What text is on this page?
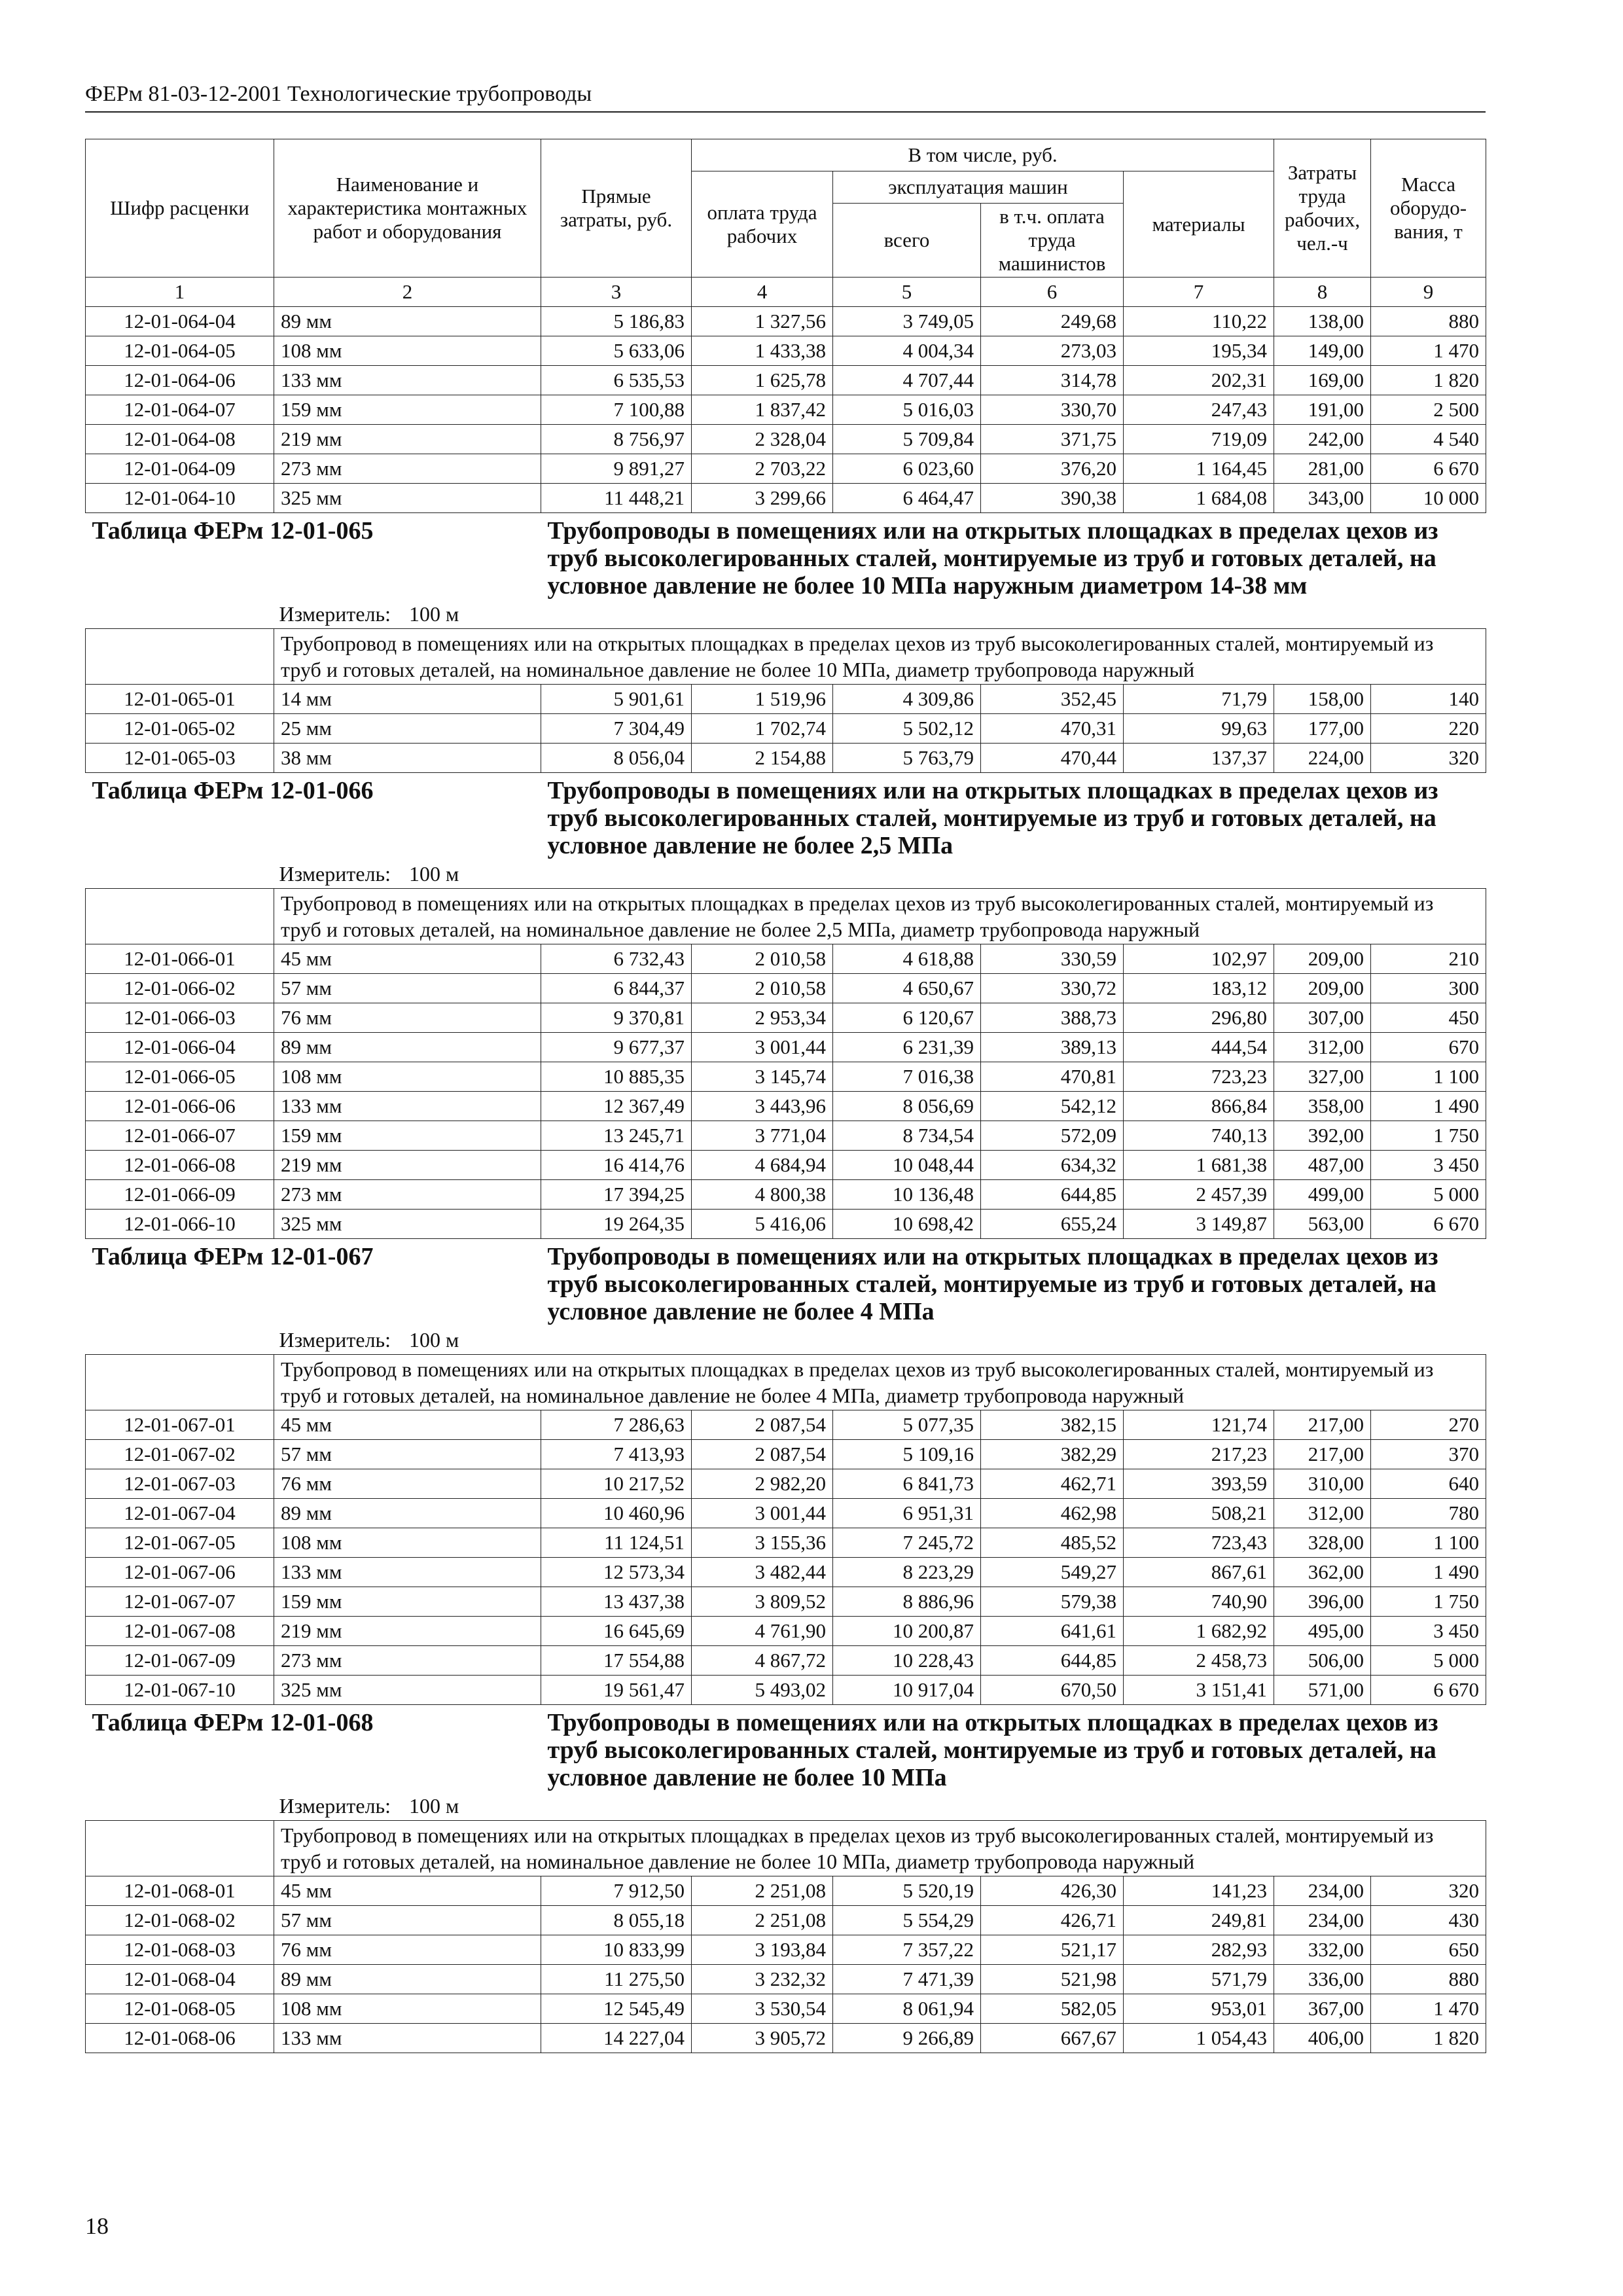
ФЕРм 81-03-12-2001 Технологические трубопроводы
Шифр расценки	Наименование и характеристика монтажных работ и оборудования	Прямые затраты, руб.	В том числе, руб.				Затраты труда рабочих, чел.-ч	Масса оборудо-вания, т
			оплата труда рабочих	эксплуатация машин		материалы		
				всего	в т.ч. оплата труда машинистов			
1	2	3	4	5	6	7	8	9
12-01-064-04	89 мм	5 186,83	1 327,56	3 749,05	249,68	110,22	138,00	880
12-01-064-05	108 мм	5 633,06	1 433,38	4 004,34	273,03	195,34	149,00	1 470
12-01-064-06	133 мм	6 535,53	1 625,78	4 707,44	314,78	202,31	169,00	1 820
12-01-064-07	159 мм	7 100,88	1 837,42	5 016,03	330,70	247,43	191,00	2 500
12-01-064-08	219 мм	8 756,97	2 328,04	5 709,84	371,75	719,09	242,00	4 540
12-01-064-09	273 мм	9 891,27	2 703,22	6 023,60	376,20	1 164,45	281,00	6 670
12-01-064-10	325 мм	11 448,21	3 299,66	6 464,47	390,38	1 684,08	343,00	10 000
Таблица ФЕРм 12-01-065		Трубопроводы в помещениях или на открытых площадках в пределах цехов из труб высоколегированных сталей, монтируемые из труб и готовых деталей, на условное давление не более 10 МПа наружным диаметром 14-38 мм						
	Измеритель: 100 м							
	Трубопровод в помещениях или на открытых площадках в пределах цехов из труб высоколегированных сталей, монтируемый из труб и готовых деталей, на номинальное давление не более 10 МПа, диаметр трубопровода наружный							
12-01-065-01	14 мм	5 901,61	1 519,96	4 309,86	352,45	71,79	158,00	140
12-01-065-02	25 мм	7 304,49	1 702,74	5 502,12	470,31	99,63	177,00	220
12-01-065-03	38 мм	8 056,04	2 154,88	5 763,79	470,44	137,37	224,00	320
Таблица ФЕРм 12-01-066		Трубопроводы в помещениях или на открытых площадках в пределах цехов из труб высоколегированных сталей, монтируемые из труб и готовых деталей, на условное давление не более 2,5 МПа						
	Измеритель: 100 м							
	Трубопровод в помещениях или на открытых площадках в пределах цехов из труб высоколегированных сталей, монтируемый из труб и готовых деталей, на номинальное давление не более 2,5 МПа, диаметр трубопровода наружный							
12-01-066-01	45 мм	6 732,43	2 010,58	4 618,88	330,59	102,97	209,00	210
12-01-066-02	57 мм	6 844,37	2 010,58	4 650,67	330,72	183,12	209,00	300
12-01-066-03	76 мм	9 370,81	2 953,34	6 120,67	388,73	296,80	307,00	450
12-01-066-04	89 мм	9 677,37	3 001,44	6 231,39	389,13	444,54	312,00	670
12-01-066-05	108 мм	10 885,35	3 145,74	7 016,38	470,81	723,23	327,00	1 100
12-01-066-06	133 мм	12 367,49	3 443,96	8 056,69	542,12	866,84	358,00	1 490
12-01-066-07	159 мм	13 245,71	3 771,04	8 734,54	572,09	740,13	392,00	1 750
12-01-066-08	219 мм	16 414,76	4 684,94	10 048,44	634,32	1 681,38	487,00	3 450
12-01-066-09	273 мм	17 394,25	4 800,38	10 136,48	644,85	2 457,39	499,00	5 000
12-01-066-10	325 мм	19 264,35	5 416,06	10 698,42	655,24	3 149,87	563,00	6 670
Таблица ФЕРм 12-01-067		Трубопроводы в помещениях или на открытых площадках в пределах цехов из труб высоколегированных сталей, монтируемые из труб и готовых деталей, на условное давление не более 4 МПа						
	Измеритель: 100 м							
	Трубопровод в помещениях или на открытых площадках в пределах цехов из труб высоколегированных сталей, монтируемый из труб и готовых деталей, на номинальное давление не более 4 МПа, диаметр трубопровода наружный							
12-01-067-01	45 мм	7 286,63	2 087,54	5 077,35	382,15	121,74	217,00	270
12-01-067-02	57 мм	7 413,93	2 087,54	5 109,16	382,29	217,23	217,00	370
12-01-067-03	76 мм	10 217,52	2 982,20	6 841,73	462,71	393,59	310,00	640
12-01-067-04	89 мм	10 460,96	3 001,44	6 951,31	462,98	508,21	312,00	780
12-01-067-05	108 мм	11 124,51	3 155,36	7 245,72	485,52	723,43	328,00	1 100
12-01-067-06	133 мм	12 573,34	3 482,44	8 223,29	549,27	867,61	362,00	1 490
12-01-067-07	159 мм	13 437,38	3 809,52	8 886,96	579,38	740,90	396,00	1 750
12-01-067-08	219 мм	16 645,69	4 761,90	10 200,87	641,61	1 682,92	495,00	3 450
12-01-067-09	273 мм	17 554,88	4 867,72	10 228,43	644,85	2 458,73	506,00	5 000
12-01-067-10	325 мм	19 561,47	5 493,02	10 917,04	670,50	3 151,41	571,00	6 670
Таблица ФЕРм 12-01-068		Трубопроводы в помещениях или на открытых площадках в пределах цехов из труб высоколегированных сталей, монтируемые из труб и готовых деталей, на условное давление не более 10 МПа						
	Измеритель: 100 м							
	Трубопровод в помещениях или на открытых площадках в пределах цехов из труб высоколегированных сталей, монтируемый из труб и готовых деталей, на номинальное давление не более 10 МПа, диаметр трубопровода наружный							
12-01-068-01	45 мм	7 912,50	2 251,08	5 520,19	426,30	141,23	234,00	320
12-01-068-02	57 мм	8 055,18	2 251,08	5 554,29	426,71	249,81	234,00	430
12-01-068-03	76 мм	10 833,99	3 193,84	7 357,22	521,17	282,93	332,00	650
12-01-068-04	89 мм	11 275,50	3 232,32	7 471,39	521,98	571,79	336,00	880
12-01-068-05	108 мм	12 545,49	3 530,54	8 061,94	582,05	953,01	367,00	1 470
12-01-068-06	133 мм	14 227,04	3 905,72	9 266,89	667,67	1 054,43	406,00	1 820
18
